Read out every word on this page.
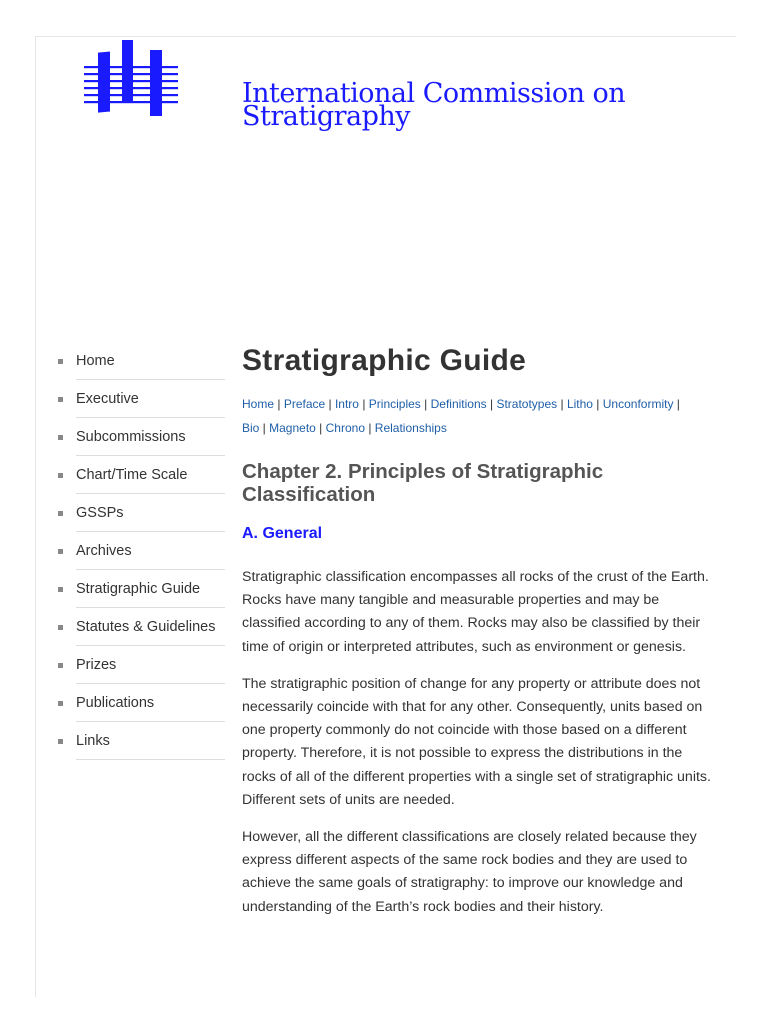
International Commission on
Stratigraphy
Home
Executive
Subcommissions
Chart/Time Scale
GSSPs
Archives
Stratigraphic Guide
Statutes & Guidelines
Prizes
Publications
Links
Stratigraphic Guide
Home | Preface | Intro | Principles | Definitions | Stratotypes | Litho | Unconformity |
Bio | Magneto | Chrono | Relationships
Chapter 2. Principles of Stratigraphic Classification
A. General

Stratigraphic classification encompasses all rocks of the crust of the Earth. Rocks have many tangible and measurable properties and may be classified according to any of them. Rocks may also be classified by their time of origin or interpreted attributes, such as environment or genesis.

The stratigraphic position of change for any property or attribute does not necessarily coincide with that for any other. Consequently, units based on one property commonly do not coincide with those based on a different property. Therefore, it is not possible to express the distributions in the rocks of all of the different properties with a single set of stratigraphic units. Different sets of units are needed.

However, all the different classifications are closely related because they express different aspects of the same rock bodies and they are used to achieve the same goals of stratigraphy: to improve our knowledge and understanding of the Earth’s rock bodies and their history.
